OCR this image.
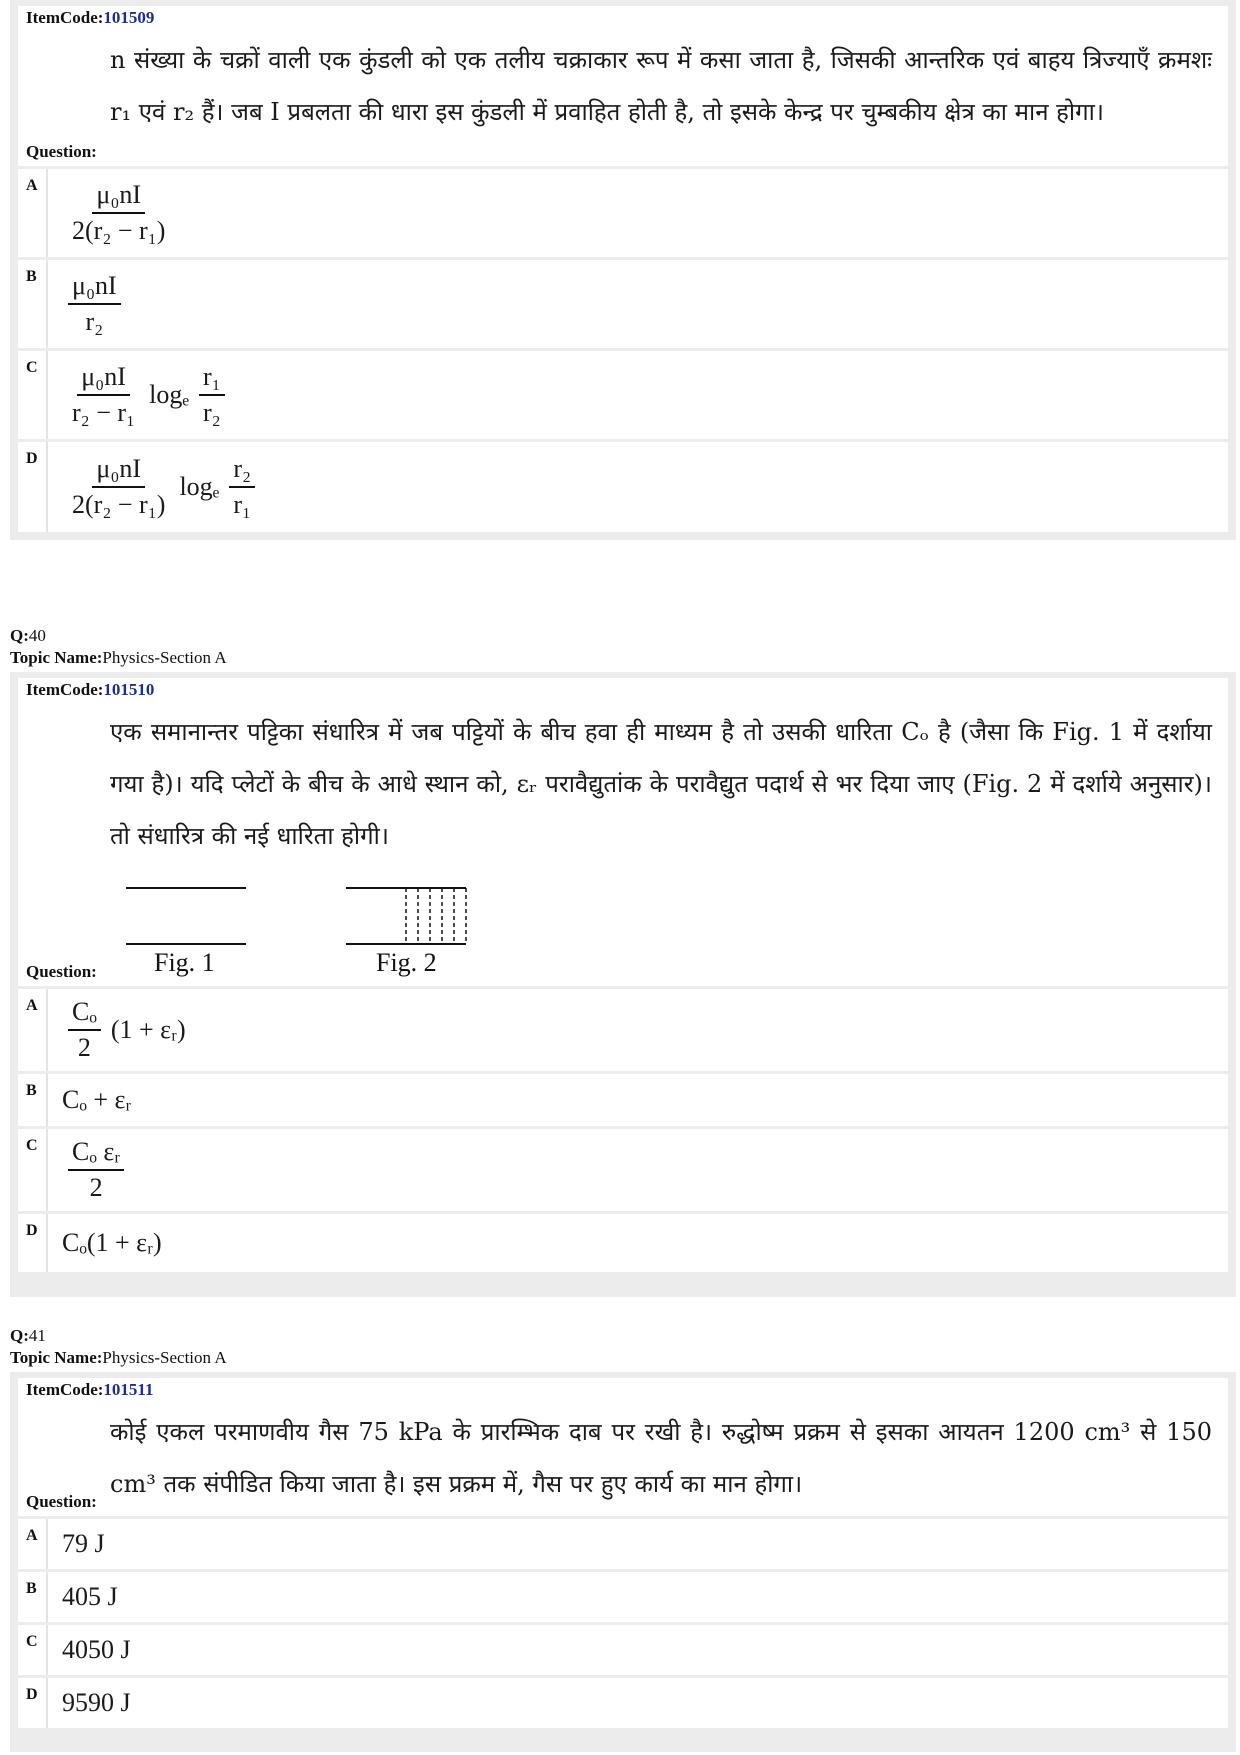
ItemCode:101509
n संख्या के चक्रों वाली एक कुंडली को एक तलीय चक्राकार रूप में कसा जाता है, जिसकी आन्तरिक एवं बाहय त्रिज्याएँ क्रमशः r₁ एवं r₂ हैं। जब I प्रबलता की धारा इस कुंडली में प्रवाहित होती है, तो इसके केन्द्र पर चुम्बकीय क्षेत्र का मान होगा।
Question:
A	$\frac{\text{μ₀nI}}{\text{2(r₂ − r₁)}}$
B	$\frac{\text{μ₀nI}}{\text{r₂}}$
C	$\frac{\text{μ₀nI}}{\text{r₂ − r₁}}$ logₑ $\frac{\text{r₁}}{\text{r₂}}$
D	$\frac{\text{μ₀nI}}{\text{2(r₂ − r₁)}}$ logₑ $\frac{\text{r₂}}{\text{r₁}}$
Q:40
Topic Name:Physics-Section A
ItemCode:101510
एक समानान्तर पट्टिका संधारित्र में जब पट्टियों के बीच हवा ही माध्यम है तो उसकी धारिता Cₒ है (जैसा कि Fig. 1 में दर्शाया गया है)। यदि प्लेटों के बीच के आधे स्थान को, εᵣ परावैद्युतांक के परावैद्युत पदार्थ से भर दिया जाए (Fig. 2 में दर्शाये अनुसार)। तो संधारित्र की नई धारिता होगी।
Fig. 1	Fig. 2
Question:
A	$\frac{\text{Cₒ}}{2} (1$ + εᵣ)
B Cₒ + εᵣ
C	$\frac{\text{Cₒ εᵣ}}{2}$
D Cₒ(1 + εᵣ)
Q:41
Topic Name:Physics-Section A
ItemCode:101511
कोई एकल परमाणवीय गैस 75 kPa के प्रारम्भिक दाब पर रखी है। रुद्धोष्म प्रक्रम से इसका आयतन 1200 cm³ से 150 cm³ तक संपीडित किया जाता है। इस प्रक्रम में, गैस पर हुए कार्य का मान होगा।
Question:
A 79 J
B 405 J
C 4050 J
D 9590 J
